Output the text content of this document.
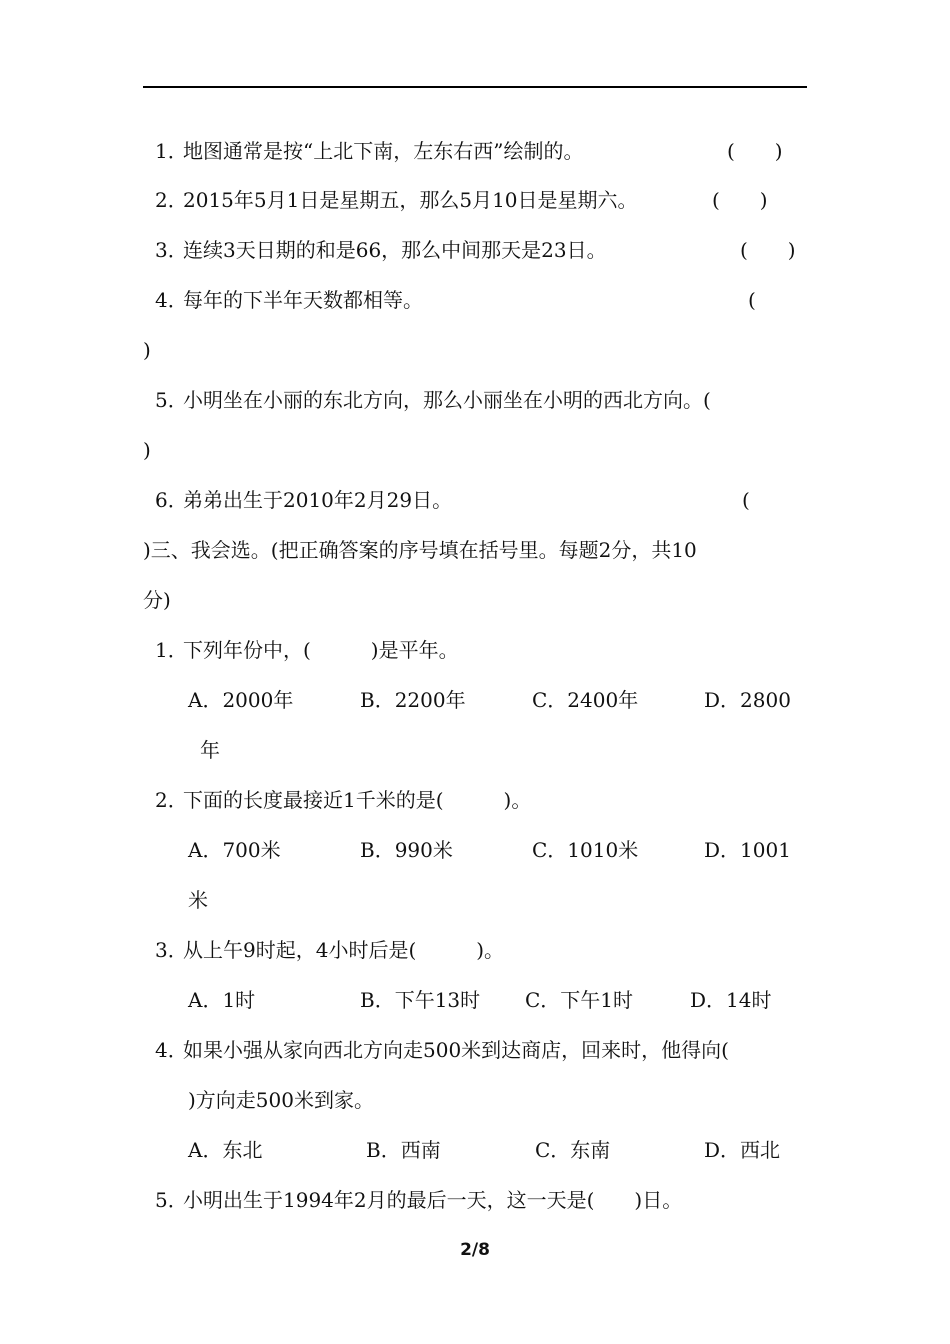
1．地图通常是按“上北下南，左东右西”绘制的。	(　　)
2．2015年5月1日是星期五，那么5月10日是星期六。	(　　)
3．连续3天日期的和是66，那么中间那天是23日。	(　　)
4．每年的下半年天数都相等。	(
)
5．小明坐在小丽的东北方向，那么小丽坐在小明的西北方向。(
)
6．弟弟出生于2010年2月29日。	(
)三、我会选。(把正确答案的序号填在括号里。每题2分，共10
分)
1．下列年份中，(　　　)是平年。
A．2000年	B．2200年	C．2400年	D．2800
年
2．下面的长度最接近1千米的是(　　　)。
A．700米	B．990米	C．1010米	D．1001
米
3．从上午9时起，4小时后是(　　　)。
A．1时	B．下午13时 C．下午1时	D．14时
4．如果小强从家向西北方向走500米到达商店，回来时，他得向(
)方向走500米到家。
A．东北	B．西南	C．东南	D．西北
5．小明出生于1994年2月的最后一天，这一天是(　　)日。
2/8
